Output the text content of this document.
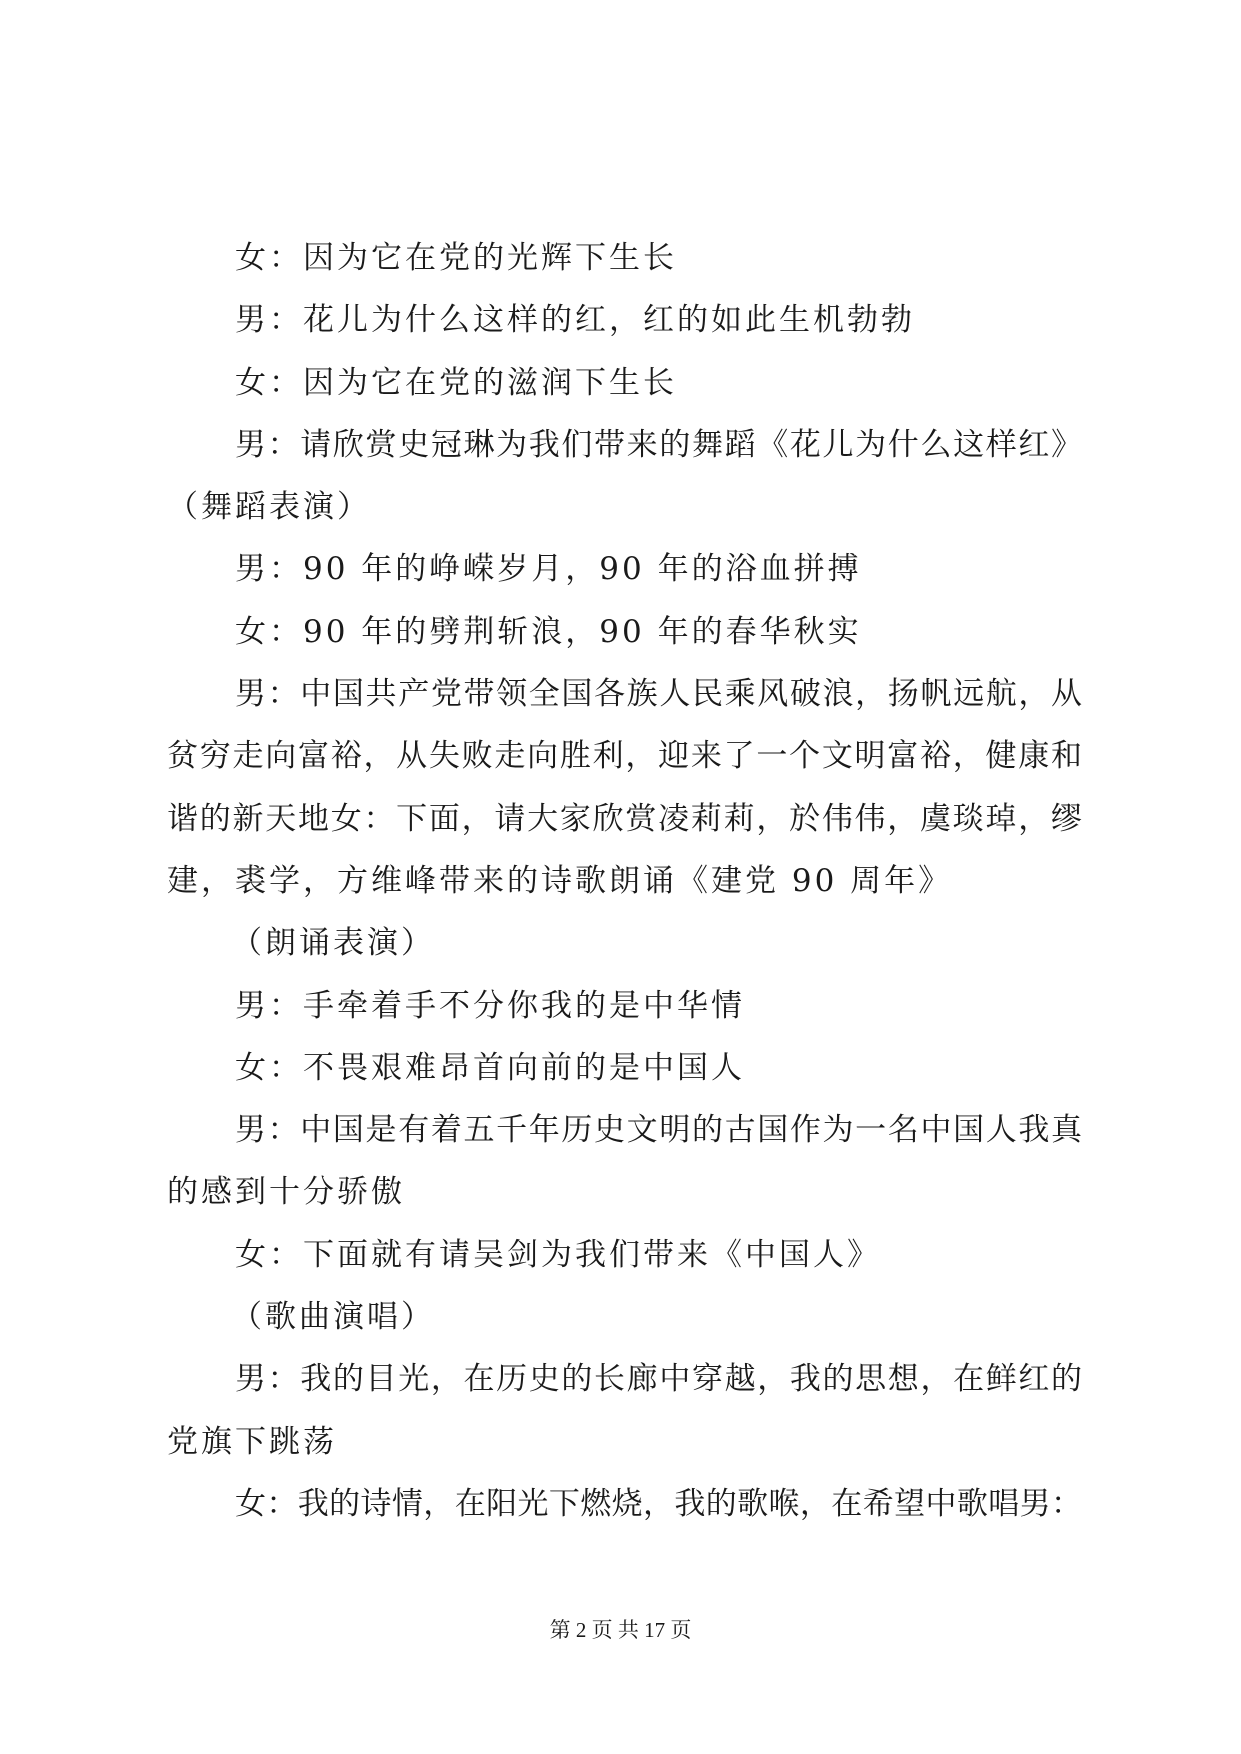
女：因为它在党的光辉下生长
男：花儿为什么这样的红，红的如此生机勃勃
女：因为它在党的滋润下生长
男：请欣赏史冠琳为我们带来的舞蹈《花儿为什么这样红》
（舞蹈表演）
男：90 年的峥嵘岁月，90 年的浴血拼搏
女：90 年的劈荆斩浪，90 年的春华秋实
男：中国共产党带领全国各族人民乘风破浪，扬帆远航，从
贫穷走向富裕，从失败走向胜利，迎来了一个文明富裕，健康和
谐的新天地女：下面，请大家欣赏凌莉莉，於伟伟，虞琰琸，缪
建，裘学，方维峰带来的诗歌朗诵《建党 90 周年》
（朗诵表演）
男：手牵着手不分你我的是中华情
女：不畏艰难昂首向前的是中国人
男：中国是有着五千年历史文明的古国作为一名中国人我真
的感到十分骄傲
女：下面就有请吴剑为我们带来《中国人》
（歌曲演唱）
男：我的目光，在历史的长廊中穿越，我的思想，在鲜红的
党旗下跳荡
女：我的诗情，在阳光下燃烧，我的歌喉，在希望中歌唱男：
第 2 页 共 17 页
